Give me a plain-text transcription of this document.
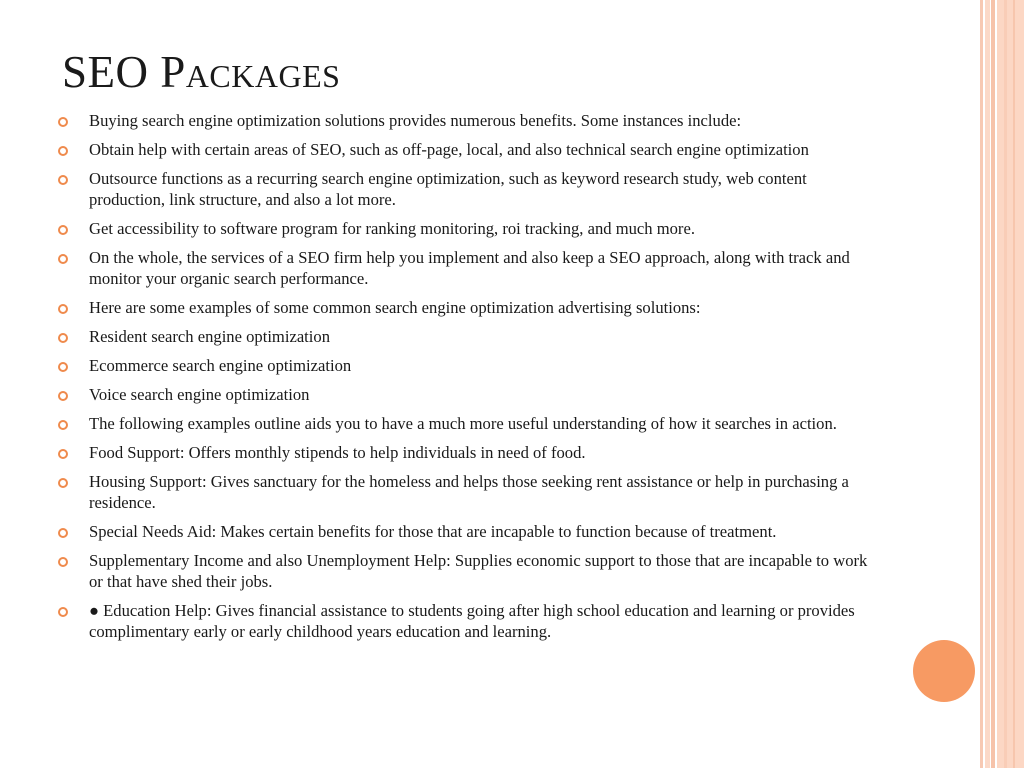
SEO Packages
Buying search engine optimization solutions provides numerous benefits. Some instances include:
Obtain help with certain areas of SEO, such as off-page, local, and also technical search engine optimization
Outsource functions as a recurring search engine optimization, such as keyword research study, web content production, link structure, and also a lot more.
Get accessibility to software program for ranking monitoring, roi tracking, and much more.
On the whole, the services of a SEO firm help you implement and also keep a SEO approach, along with track and monitor your organic search performance.
Here are some examples of some common search engine optimization advertising solutions:
Resident search engine optimization
Ecommerce search engine optimization
Voice search engine optimization
The following examples outline aids you to have a much more useful understanding of how it searches in action.
Food Support: Offers monthly stipends to help individuals in need of food.
Housing Support: Gives sanctuary for the homeless and helps those seeking rent assistance or help in purchasing a residence.
Special Needs Aid: Makes certain benefits for those that are incapable to function because of treatment.
Supplementary Income and also Unemployment Help: Supplies economic support to those that are incapable to work or that have shed their jobs.
● Education Help: Gives financial assistance to students going after high school education and learning or provides complimentary early or early childhood years education and learning.
